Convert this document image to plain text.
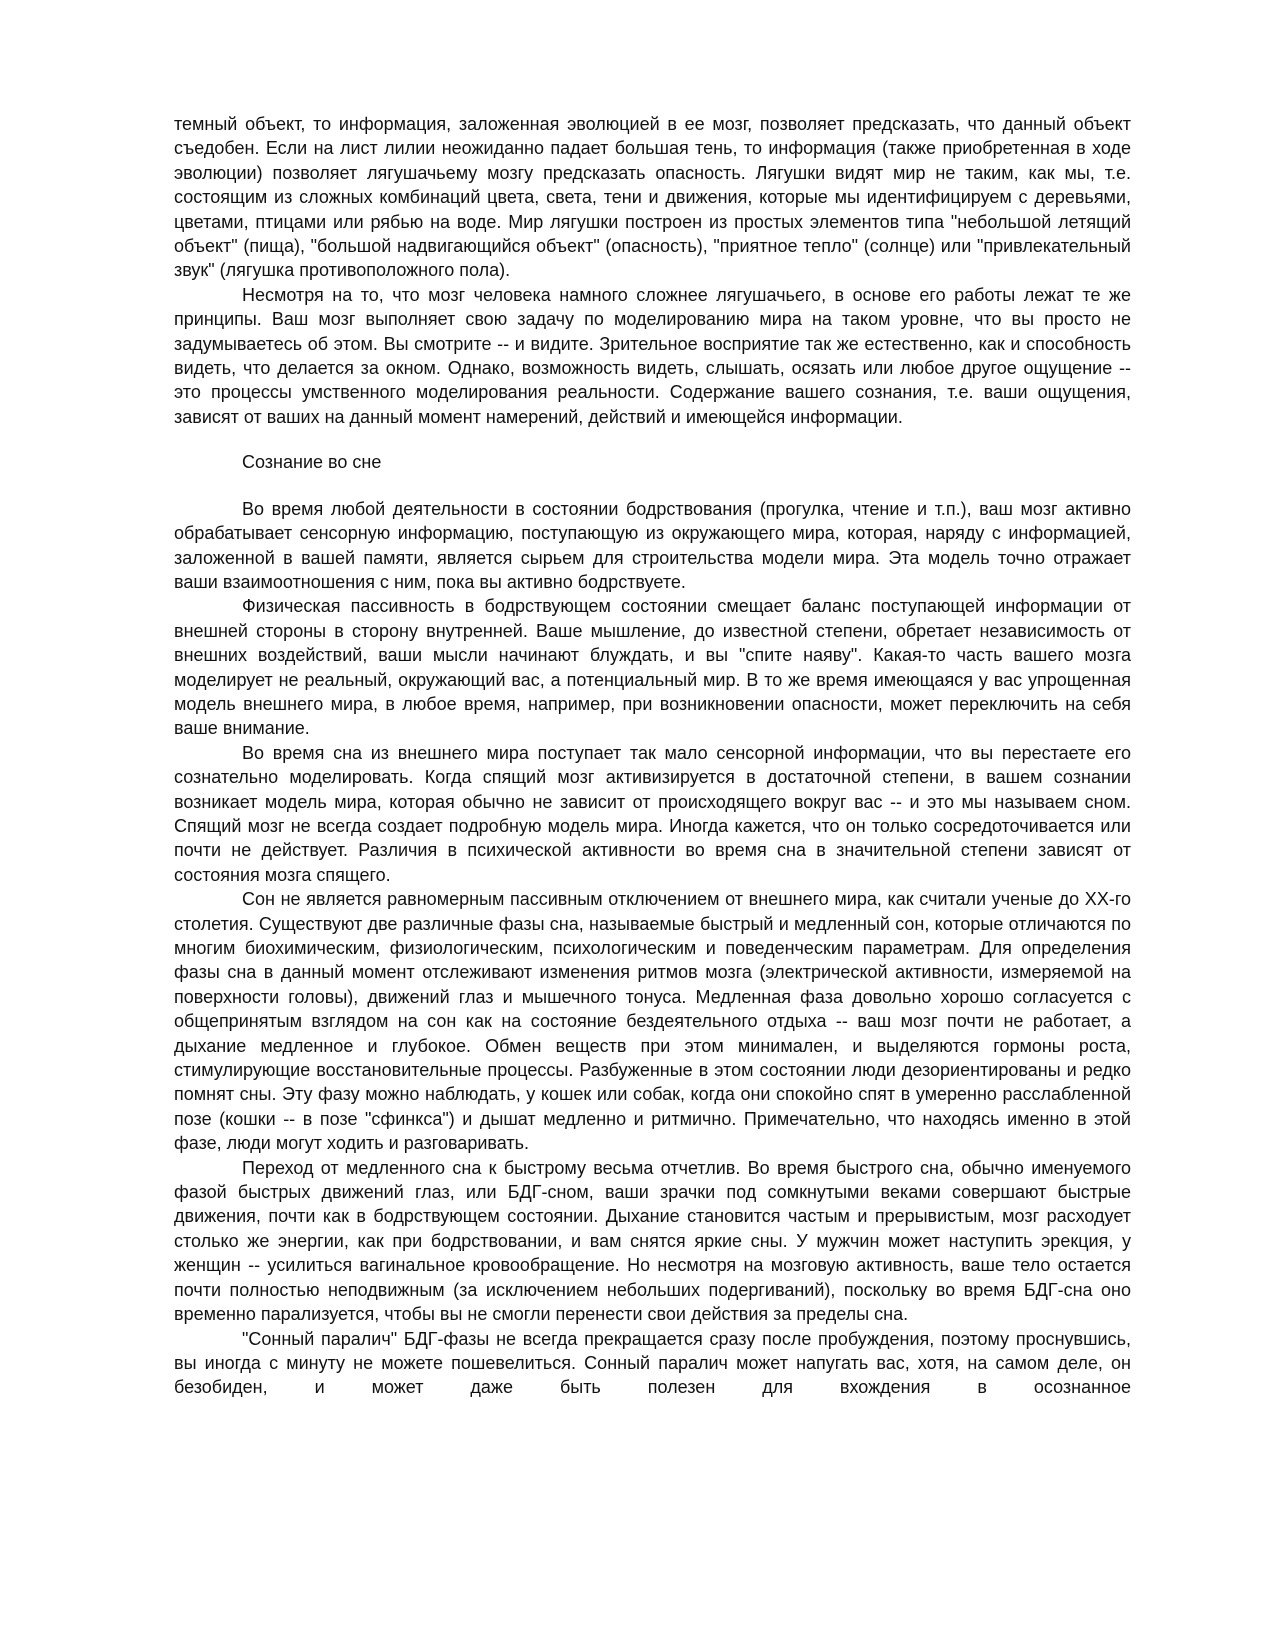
темный объект, то информация, заложенная эволюцией в ее мозг, позволяет предсказать, что данный объект съедобен. Если на лист лилии неожиданно падает большая тень, то информация (также приобретенная в ходе эволюции) позволяет лягушачьему мозгу предсказать опасность. Лягушки видят мир не таким, как мы, т.е. состоящим из сложных комбинаций цвета, света, тени и движения, которые мы идентифицируем с деревьями, цветами, птицами или рябью на воде. Мир лягушки построен из простых элементов типа "небольшой летящий объект" (пища), "большой надвигающийся объект" (опасность), "приятное тепло" (солнце) или "привлекательный звук" (лягушка противоположного пола).

Несмотря на то, что мозг человека намного сложнее лягушачьего, в основе его работы лежат те же принципы. Ваш мозг выполняет свою задачу по моделированию мира на таком уровне, что вы просто не задумываетесь об этом. Вы смотрите -- и видите. Зрительное восприятие так же естественно, как и способность видеть, что делается за окном. Однако, возможность видеть, слышать, осязать или любое другое ощущение -- это процессы умственного моделирования реальности. Содержание вашего сознания, т.е. ваши ощущения, зависят от ваших на данный момент намерений, действий и имеющейся информации.

Сознание во сне

Во время любой деятельности в состоянии бодрствования (прогулка, чтение и т.п.), ваш мозг активно обрабатывает сенсорную информацию, поступающую из окружающего мира, которая, наряду с информацией, заложенной в вашей памяти, является сырьем для строительства модели мира. Эта модель точно отражает ваши взаимоотношения с ним, пока вы активно бодрствуете.

Физическая пассивность в бодрствующем состоянии смещает баланс поступающей информации от внешней стороны в сторону внутренней. Ваше мышление, до известной степени, обретает независимость от внешних воздействий, ваши мысли начинают блуждать, и вы "спите наяву". Какая-то часть вашего мозга моделирует не реальный, окружающий вас, а потенциальный мир. В то же время имеющаяся у вас упрощенная модель внешнего мира, в любое время, например, при возникновении опасности, может переключить на себя ваше внимание.

Во время сна из внешнего мира поступает так мало сенсорной информации, что вы перестаете его сознательно моделировать. Когда спящий мозг активизируется в достаточной степени, в вашем сознании возникает модель мира, которая обычно не зависит от происходящего вокруг вас -- и это мы называем сном. Спящий мозг не всегда создает подробную модель мира. Иногда кажется, что он только сосредоточивается или почти не действует. Различия в психической активности во время сна в значительной степени зависят от состояния мозга спящего.

Сон не является равномерным пассивным отключением от внешнего мира, как считали ученые до ХХ-го столетия. Существуют две различные фазы сна, называемые быстрый и медленный сон, которые отличаются по многим биохимическим, физиологическим, психологическим и поведенческим параметрам. Для определения фазы сна в данный момент отслеживают изменения ритмов мозга (электрической активности, измеряемой на поверхности головы), движений глаз и мышечного тонуса. Медленная фаза довольно хорошо согласуется с общепринятым взглядом на сон как на состояние бездеятельного отдыха -- ваш мозг почти не работает, а дыхание медленное и глубокое. Обмен веществ при этом минимален, и выделяются гормоны роста, стимулирующие восстановительные процессы. Разбуженные в этом состоянии люди дезориентированы и редко помнят сны. Эту фазу можно наблюдать, у кошек или собак, когда они спокойно спят в умеренно расслабленной позе (кошки -- в позе "сфинкса") и дышат медленно и ритмично. Примечательно, что находясь именно в этой фазе, люди могут ходить и разговаривать.

Переход от медленного сна к быстрому весьма отчетлив. Во время быстрого сна, обычно именуемого фазой быстрых движений глаз, или БДГ-сном, ваши зрачки под сомкнутыми веками совершают быстрые движения, почти как в бодрствующем состоянии. Дыхание становится частым и прерывистым, мозг расходует столько же энергии, как при бодрствовании, и вам снятся яркие сны. У мужчин может наступить эрекция, у женщин -- усилиться вагинальное кровообращение. Но несмотря на мозговую активность, ваше тело остается почти полностью неподвижным (за исключением небольших подергиваний), поскольку во время БДГ-сна оно временно парализуется, чтобы вы не смогли перенести свои действия за пределы сна.

"Сонный паралич" БДГ-фазы не всегда прекращается сразу после пробуждения, поэтому проснувшись, вы иногда с минуту не можете пошевелиться. Сонный паралич может напугать вас, хотя, на самом деле, он безобиден, и может даже быть полезен для вхождения в осознанное
